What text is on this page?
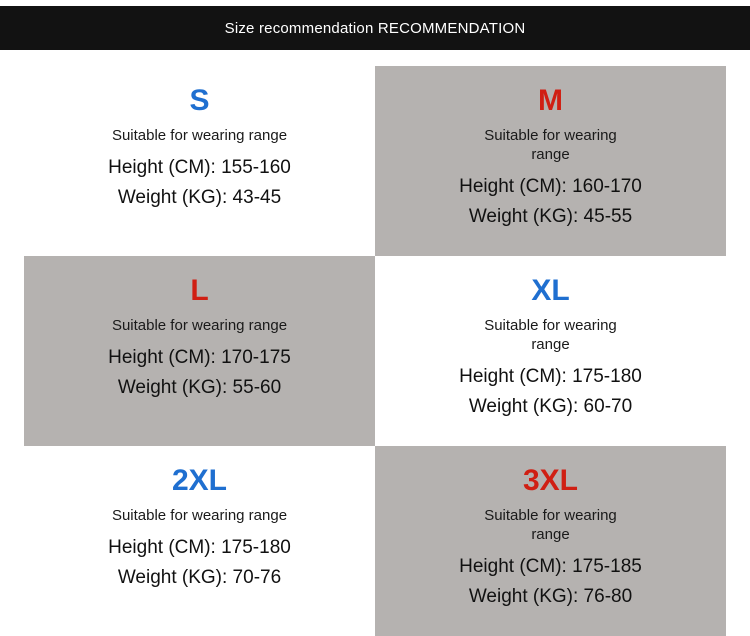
Size recommendation RECOMMENDATION
S
Suitable for wearing range
Height (CM): 155-160
Weight (KG): 43-45
M
Suitable for wearing range
Height (CM): 160-170
Weight (KG): 45-55
L
Suitable for wearing range
Height (CM): 170-175
Weight (KG): 55-60
XL
Suitable for wearing range
Height (CM): 175-180
Weight (KG): 60-70
2XL
Suitable for wearing range
Height (CM): 175-180
Weight (KG): 70-76
3XL
Suitable for wearing range
Height (CM): 175-185
Weight (KG): 76-80
